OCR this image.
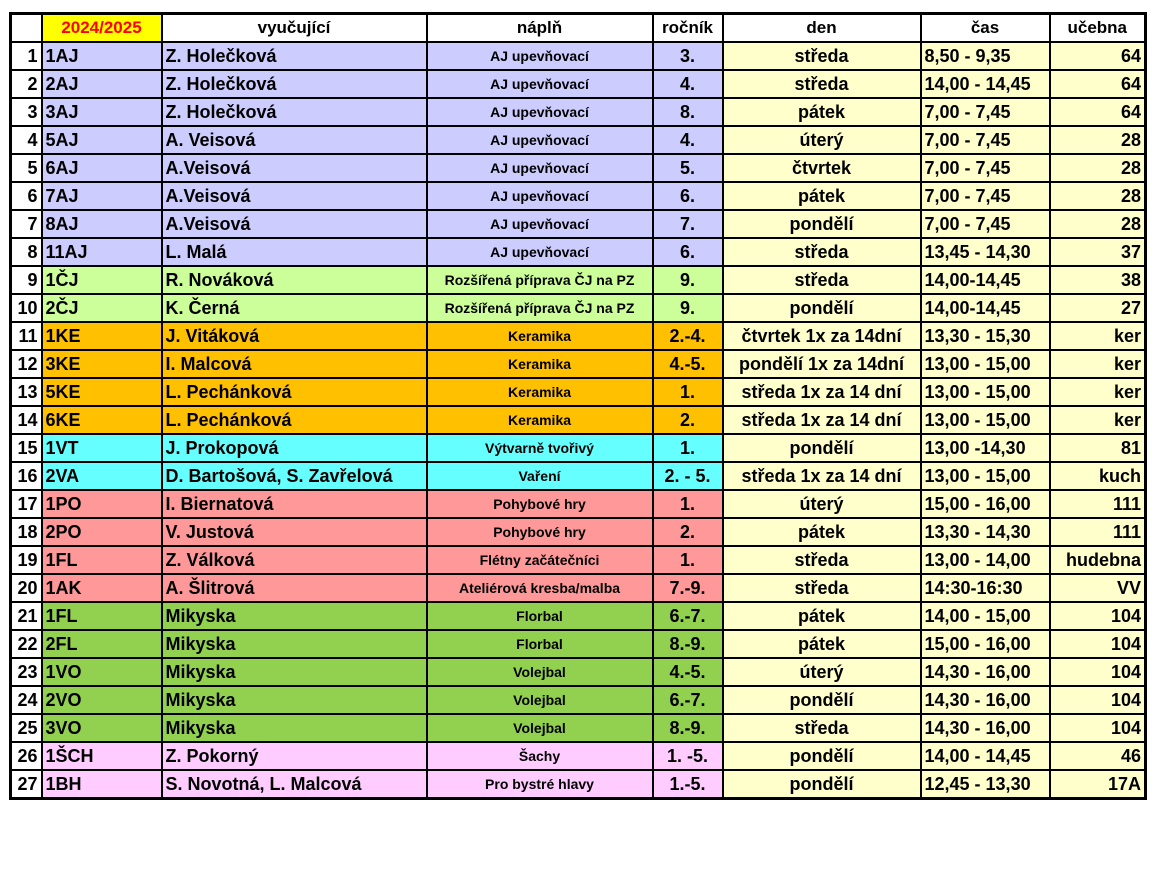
	2024/2025	vyučující	náplň	ročník	den	čas	učebna
1	1AJ	Z. Holečková	AJ upevňovací	3.	středa	8,50 - 9,35	64
2	2AJ	Z. Holečková	AJ upevňovací	4.	středa	14,00 - 14,45	64
3	3AJ	Z. Holečková	AJ upevňovací	8.	pátek	7,00 - 7,45	64
4	5AJ	A. Veisová	AJ upevňovací	4.	úterý	7,00 - 7,45	28
5	6AJ	A.Veisová	AJ upevňovací	5.	čtvrtek	7,00 - 7,45	28
6	7AJ	A.Veisová	AJ upevňovací	6.	pátek	7,00 - 7,45	28
7	8AJ	A.Veisová	AJ upevňovací	7.	pondělí	7,00 - 7,45	28
8	11AJ	L. Malá	AJ upevňovací	6.	středa	13,45 - 14,30	37
9	1ČJ	R. Nováková	Rozšířená příprava ČJ na PZ	9.	středa	14,00-14,45	38
10	2ČJ	K. Černá	Rozšířená příprava ČJ na PZ	9.	pondělí	14,00-14,45	27
11	1KE	J. Vitáková	Keramika	2.-4.	čtvrtek 1x za 14dní	13,30 - 15,30	ker
12	3KE	I. Malcová	Keramika	4.-5.	pondělí 1x za 14dní	13,00 - 15,00	ker
13	5KE	L. Pechánková	Keramika	1.	středa 1x za 14 dní	13,00 - 15,00	ker
14	6KE	L. Pechánková	Keramika	2.	středa 1x za 14 dní	13,00 - 15,00	ker
15	1VT	J. Prokopová	Výtvarně tvořivý	1.	pondělí	13,00 -14,30	81
16	2VA	D. Bartošová, S. Zavřelová	Vaření	2. - 5.	středa 1x za 14 dní	13,00 - 15,00	kuch
17	1PO	I. Biernatová	Pohybové hry	1.	úterý	15,00 - 16,00	111
18	2PO	V. Justová	Pohybové hry	2.	pátek	13,30 - 14,30	111
19	1FL	Z. Válková	Flétny začátečníci	1.	středa	13,00 - 14,00	hudebna
20	1AK	A. Šlitrová	Ateliérová kresba/malba	7.-9.	středa	14:30-16:30	VV
21	1FL	Mikyska	Florbal	6.-7.	pátek	14,00 - 15,00	104
22	2FL	Mikyska	Florbal	8.-9.	pátek	15,00 - 16,00	104
23	1VO	Mikyska	Volejbal	4.-5.	úterý	14,30 - 16,00	104
24	2VO	Mikyska	Volejbal	6.-7.	pondělí	14,30 - 16,00	104
25	3VO	Mikyska	Volejbal	8.-9.	středa	14,30 - 16,00	104
26	1ŠCH	Z. Pokorný	Šachy	1. -5.	pondělí	14,00 - 14,45	46
27	1BH	S. Novotná, L. Malcová	Pro bystré hlavy	1.-5.	pondělí	12,45 - 13,30	17A
